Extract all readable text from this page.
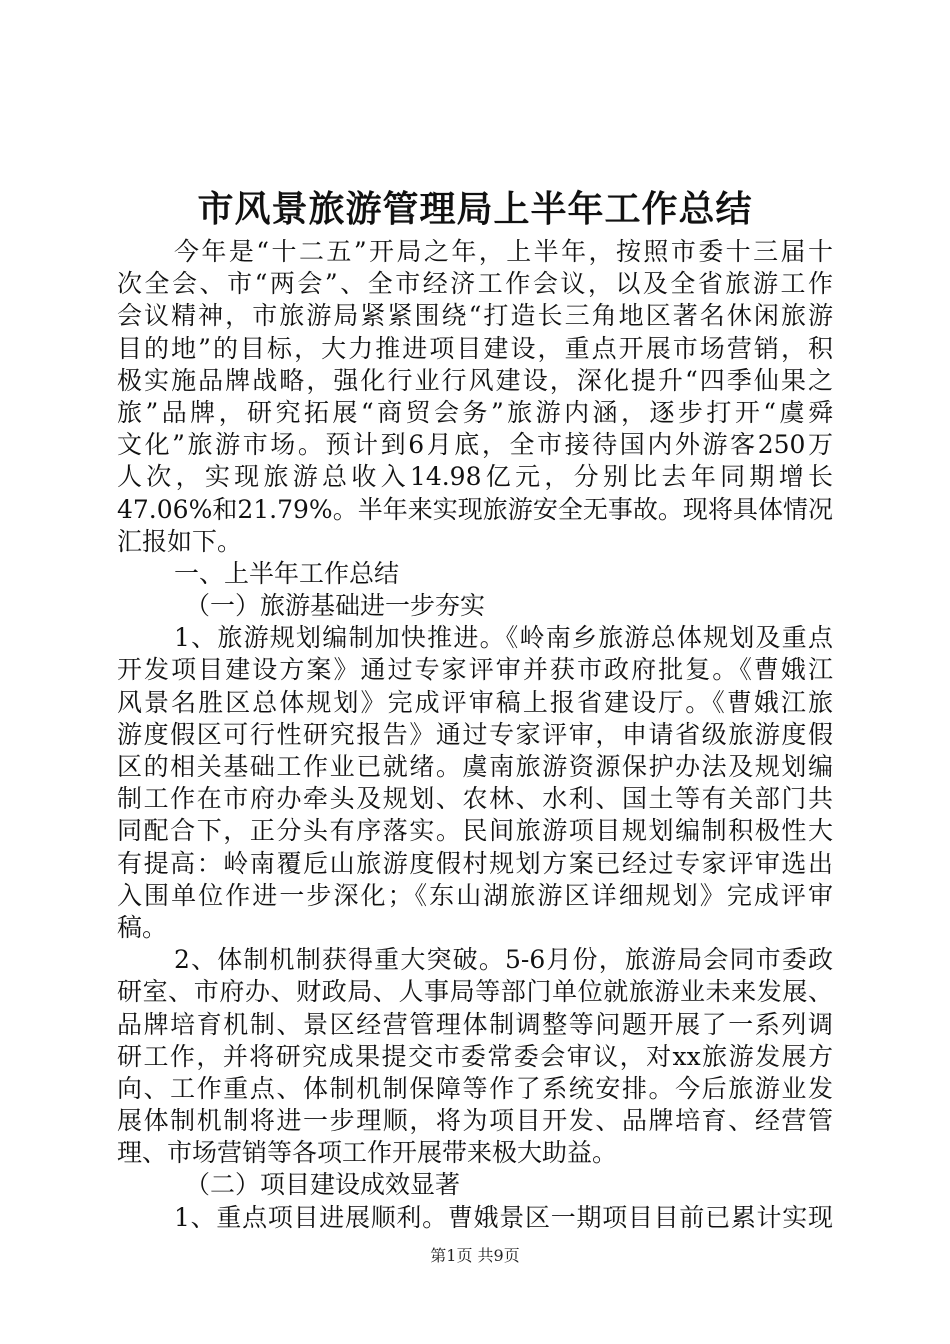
市风景旅游管理局上半年工作总结
今年是“十二五”开局之年，上半年，按照市委十三届十
次全会、市“两会”、全市经济工作会议，以及全省旅游工作
会议精神，市旅游局紧紧围绕“打造长三角地区著名休闲旅游
目的地”的目标，大力推进项目建设，重点开展市场营销，积
极实施品牌战略，强化行业行风建设，深化提升“四季仙果之
旅”品牌，研究拓展“商贸会务”旅游内涵，逐步打开“虞舜
文化”旅游市场。预计到6月底，全市接待国内外游客250万
人次，实现旅游总收入14.98亿元，分别比去年同期增长
47.06%和21.79%。半年来实现旅游安全无事故。现将具体情况
汇报如下。
一、上半年工作总结
（一）旅游基础进一步夯实
1、旅游规划编制加快推进。《岭南乡旅游总体规划及重点
开发项目建设方案》通过专家评审并获市政府批复。《曹娥江
风景名胜区总体规划》完成评审稿上报省建设厅。《曹娥江旅
游度假区可行性研究报告》通过专家评审，申请省级旅游度假
区的相关基础工作业已就绪。虞南旅游资源保护办法及规划编
制工作在市府办牵头及规划、农林、水利、国土等有关部门共
同配合下，正分头有序落实。民间旅游项目规划编制积极性大
有提高：岭南覆卮山旅游度假村规划方案已经过专家评审选出
入围单位作进一步深化；《东山湖旅游区详细规划》完成评审
稿。
2、体制机制获得重大突破。5-6月份，旅游局会同市委政
研室、市府办、财政局、人事局等部门单位就旅游业未来发展、
品牌培育机制、景区经营管理体制调整等问题开展了一系列调
研工作，并将研究成果提交市委常委会审议，对xx旅游发展方
向、工作重点、体制机制保障等作了系统安排。今后旅游业发
展体制机制将进一步理顺，将为项目开发、品牌培育、经营管
理、市场营销等各项工作开展带来极大助益。
（二）项目建设成效显著
1、重点项目进展顺利。曹娥景区一期项目目前已累计实现
第1页 共9页
